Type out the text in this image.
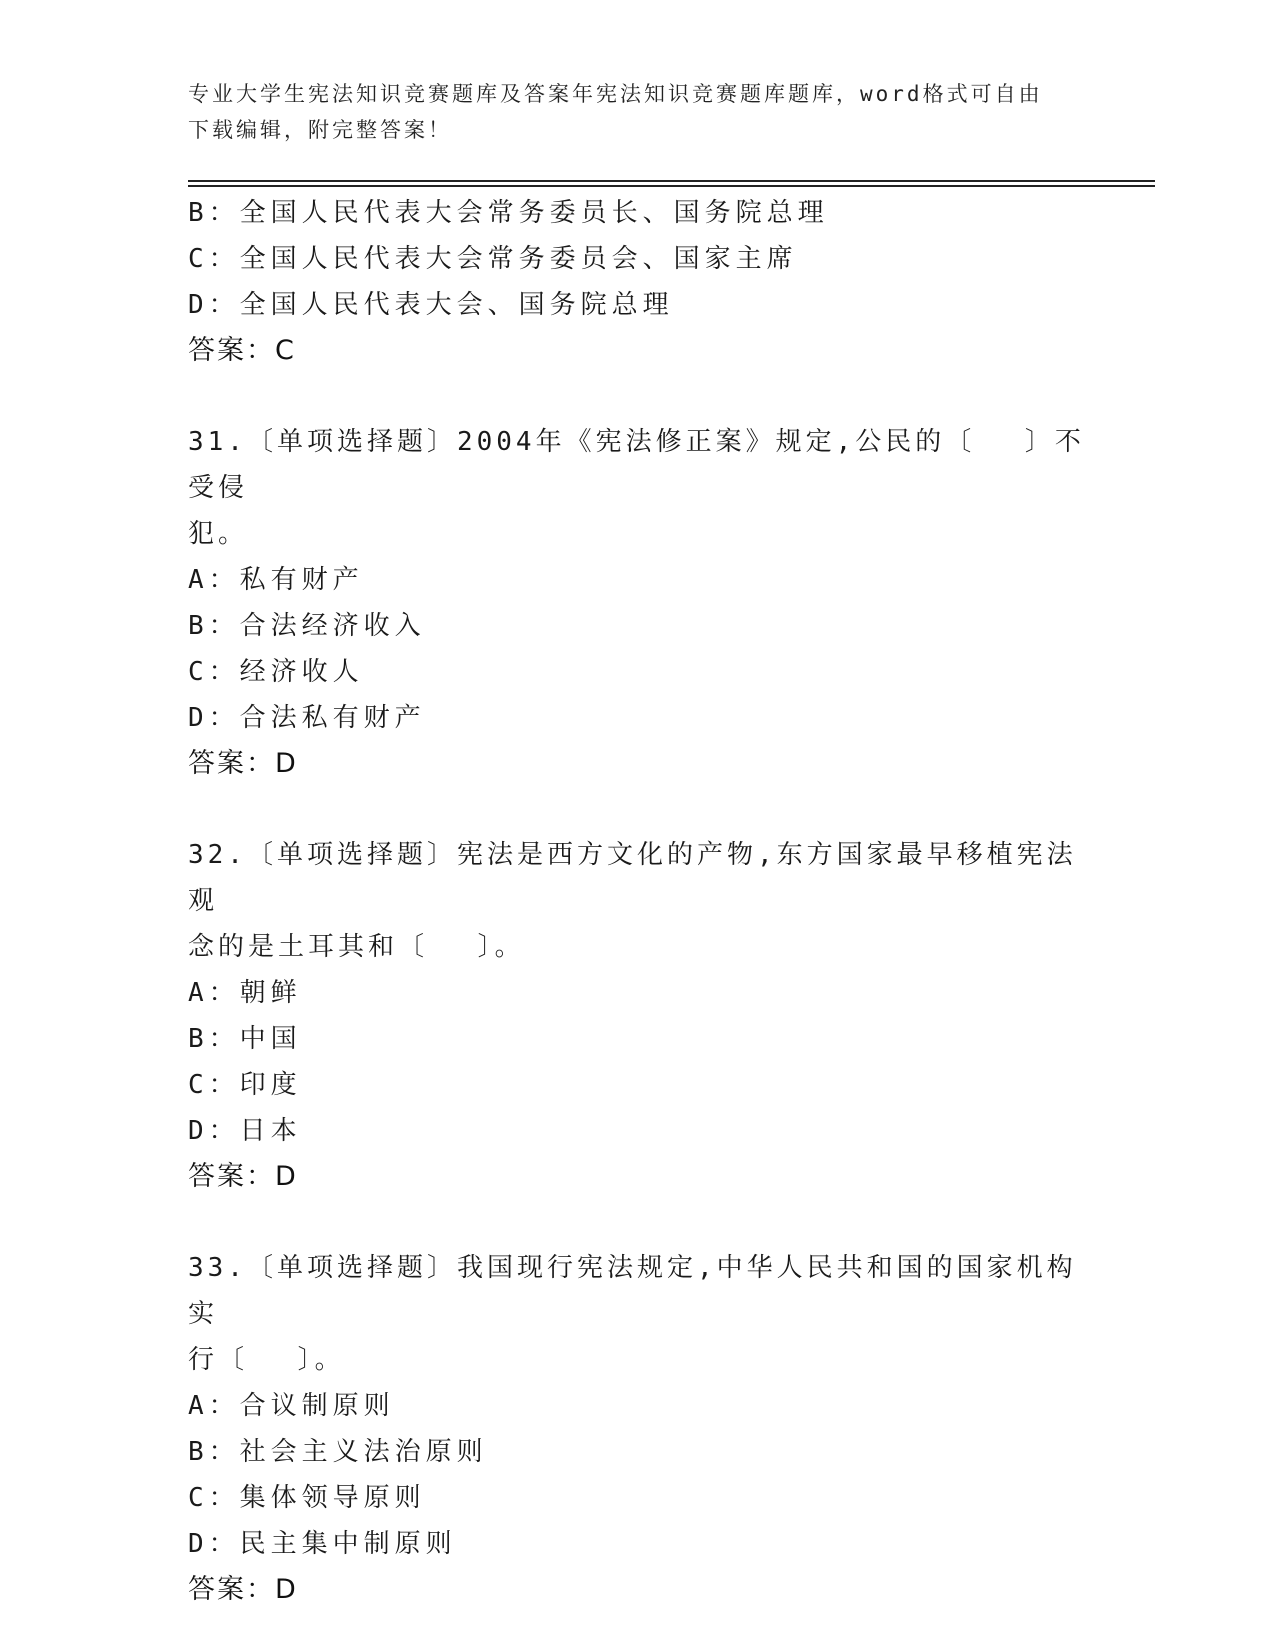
专业大学生宪法知识竞赛题库及答案年宪法知识竞赛题库题库，word格式可自由
下载编辑，附完整答案！
B：全国人民代表大会常务委员长、国务院总理
C：全国人民代表大会常务委员会、国家主席
D：全国人民代表大会、国务院总理
答案：C
31.〔单项选择题〕2004年《宪法修正案》规定,公民的〔　 〕不受侵
犯。
A：私有财产
B：合法经济收入
C：经济收人
D：合法私有财产
答案：D
32.〔单项选择题〕宪法是西方文化的产物,东方国家最早移植宪法观
念的是土耳其和〔　 〕。
A：朝鲜
B：中国
C：印度
D：日本
答案：D
33.〔单项选择题〕我国现行宪法规定,中华人民共和国的国家机构实
行〔　 〕。
A：合议制原则
B：社会主义法治原则
C：集体领导原则
D：民主集中制原则
答案：D
